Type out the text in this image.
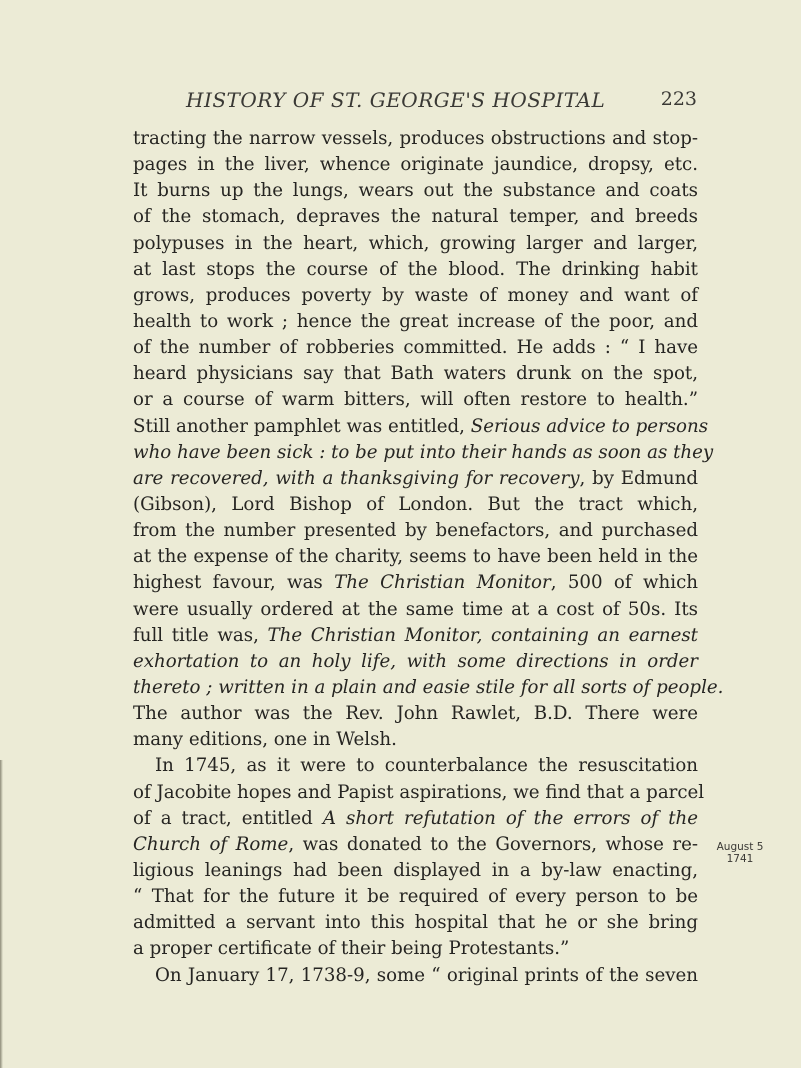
HISTORY OF ST. GEORGE'S HOSPITAL	223
tracting the narrow vessels, produces obstructions and stop-
pages in the liver, whence originate jaundice, dropsy, etc.
It burns up the lungs, wears out the substance and coats
of the stomach, depraves the natural temper, and breeds
polypuses in the heart, which, growing larger and larger,
at last stops the course of the blood. The drinking habit
grows, produces poverty by waste of money and want of
health to work ; hence the great increase of the poor, and
of the number of robberies committed. He adds : “ I have
heard physicians say that Bath waters drunk on the spot,
or a course of warm bitters, will often restore to health.”
Still another pamphlet was entitled, Serious advice to persons
who have been sick : to be put into their hands as soon as they
are recovered, with a thanksgiving for recovery, by Edmund
(Gibson), Lord Bishop of London. But the tract which,
from the number presented by benefactors, and purchased
at the expense of the charity, seems to have been held in the
highest favour, was The Christian Monitor, 500 of which
were usually ordered at the same time at a cost of 50s. Its
full title was, The Christian Monitor, containing an earnest
exhortation to an holy life, with some directions in order
thereto ; written in a plain and easie stile for all sorts of people.
The author was the Rev. John Rawlet, B.D. There were
many editions, one in Welsh.
In 1745, as it were to counterbalance the resuscitation
of Jacobite hopes and Papist aspirations, we find that a parcel
of a tract, entitled A short refutation of the errors of the
Church of Rome, was donated to the Governors, whose re-
ligious leanings had been displayed in a by-law enacting,
“ That for the future it be required of every person to be
admitted a servant into this hospital that he or she bring
a proper certificate of their being Protestants.”
On January 17, 1738-9, some “ original prints of the seven
August 5
1741
